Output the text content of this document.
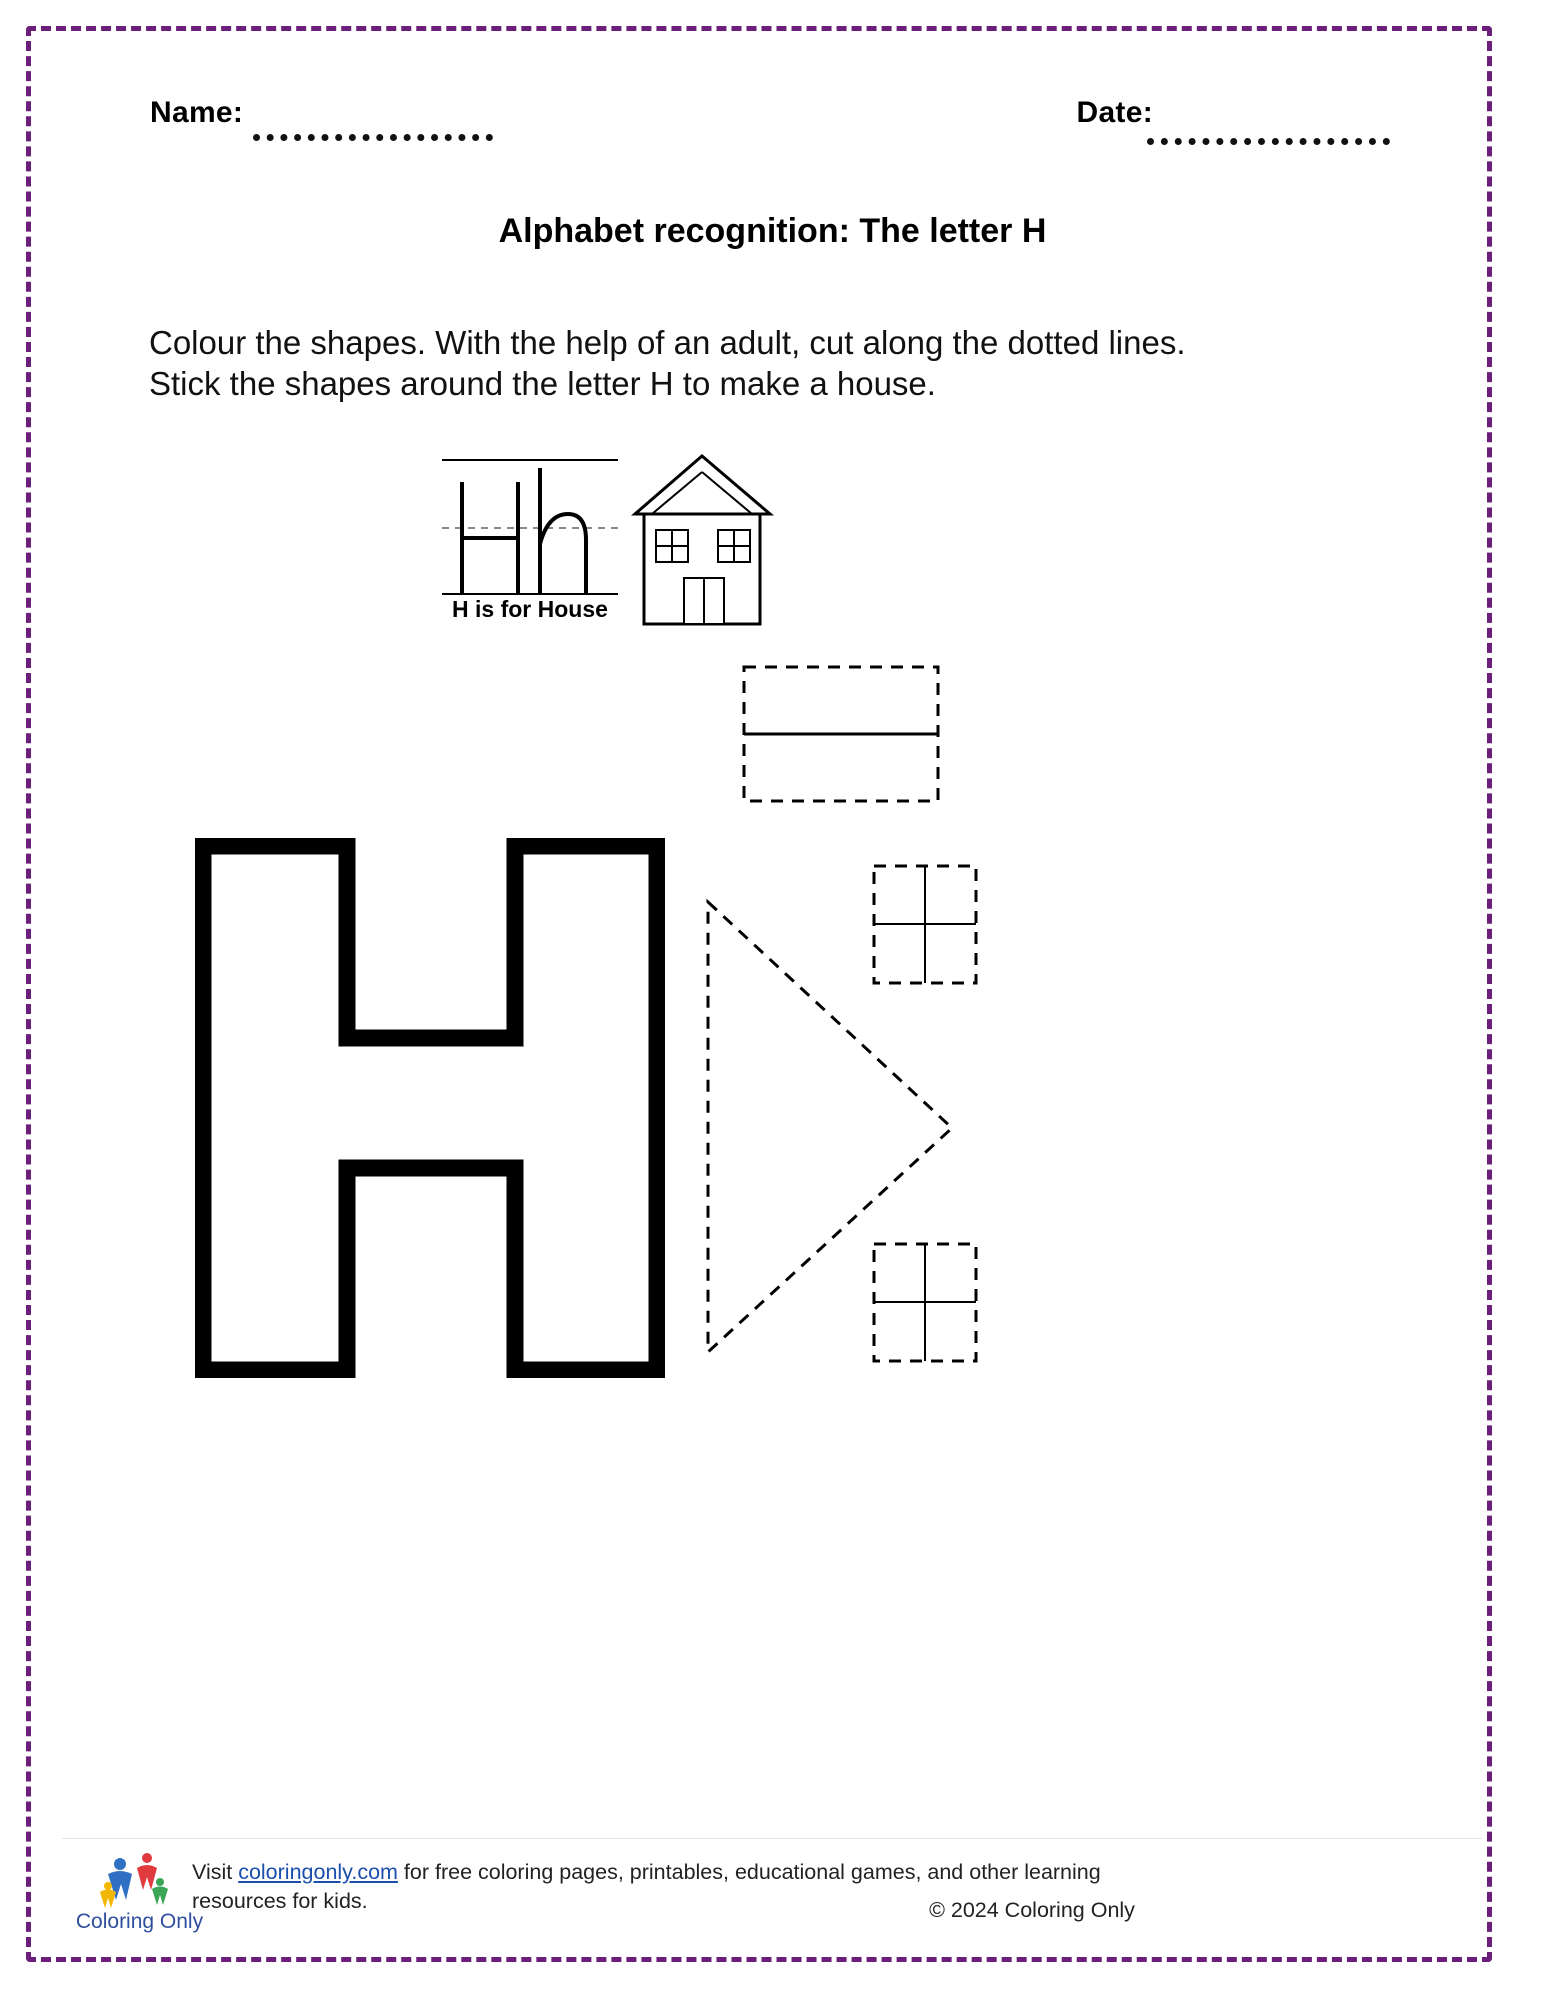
Name:	Date:
Alphabet recognition: The letter H
Colour the shapes. With the help of an adult, cut along the dotted lines. Stick the shapes around the letter H to make a house.
H is for House
Coloring Only
Visit coloringonly.com for free coloring pages, printables, educational games, and other learning resources for kids.	© 2024 Coloring Only
